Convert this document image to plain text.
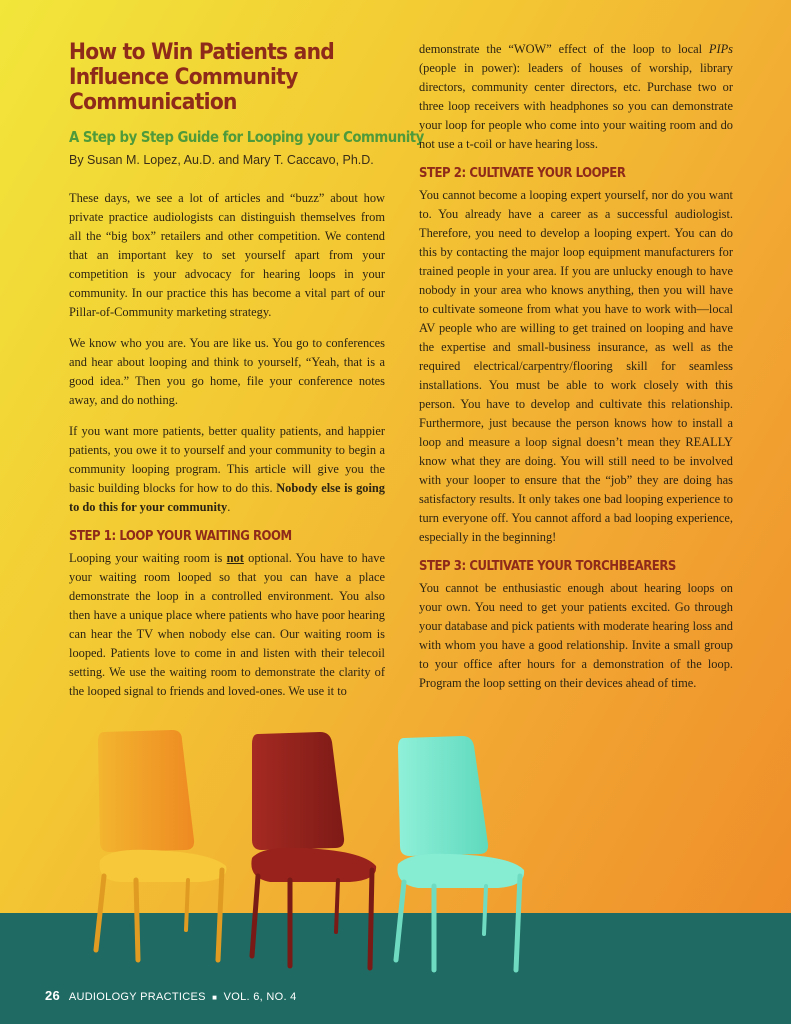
How to Win Patients and Influence Community Communication
A Step by Step Guide for Looping your Community
By Susan M. Lopez, Au.D. and Mary T. Caccavo, Ph.D.

These days, we see a lot of articles and “buzz” about how private practice audiologists can distinguish themselves from all the “big box” retailers and other competition. We contend that an important key to set yourself apart from your competition is your advocacy for hearing loops in your community. In our practice this has become a vital part of our Pillar-of-Community marketing strategy.

We know who you are. You are like us. You go to conferences and hear about looping and think to yourself, “Yeah, that is a good idea.” Then you go home, file your conference notes away, and do nothing.

If you want more patients, better quality patients, and happier patients, you owe it to yourself and your community to begin a community looping program. This article will give you the basic building blocks for how to do this. Nobody else is going to do this for your community.

STEP 1: LOOP YOUR WAITING ROOM

Looping your waiting room is not optional. You have to have your waiting room looped so that you can have a place demonstrate the loop in a controlled environment. You also then have a unique place where patients who have poor hearing can hear the TV when nobody else can. Our waiting room is looped. Patients love to come in and listen with their telecoil setting. We use the waiting room to demonstrate the clarity of the looped signal to friends and loved-ones. We use it to

demonstrate the “WOW” effect of the loop to local PIPs (people in power): leaders of houses of worship, library directors, community center directors, etc. Purchase two or three loop receivers with headphones so you can demonstrate your loop for people who come into your waiting room and do not use a t-coil or have hearing loss.

STEP 2: CULTIVATE YOUR LOOPER

You cannot become a looping expert yourself, nor do you want to. You already have a career as a successful audiologist. Therefore, you need to develop a looping expert. You can do this by contacting the major loop equipment manufacturers for trained people in your area. If you are unlucky enough to have nobody in your area who knows anything, then you will have to cultivate someone from what you have to work with—local AV people who are willing to get trained on looping and have the expertise and small-business insurance, as well as the required electrical/carpentry/flooring skill for seamless installations. You must be able to work closely with this person. You have to develop and cultivate this relationship. Furthermore, just because the person knows how to install a loop and measure a loop signal doesn’t mean they REALLY know what they are doing. You will still need to be involved with your looper to ensure that the “job” they are doing has satisfactory results. It only takes one bad looping experience to turn everyone off. You cannot afford a bad looping experience, especially in the beginning!

STEP 3: CULTIVATE YOUR TORCHBEARERS

You cannot be enthusiastic enough about hearing loops on your own. You need to get your patients excited. Go through your database and pick patients with moderate hearing loss and with whom you have a good relationship. Invite a small group to your office after hours for a demonstration of the loop. Program the loop setting on their devices ahead of time.

26 AUDIOLOGY PRACTICES ■ VOL. 6, NO. 4
